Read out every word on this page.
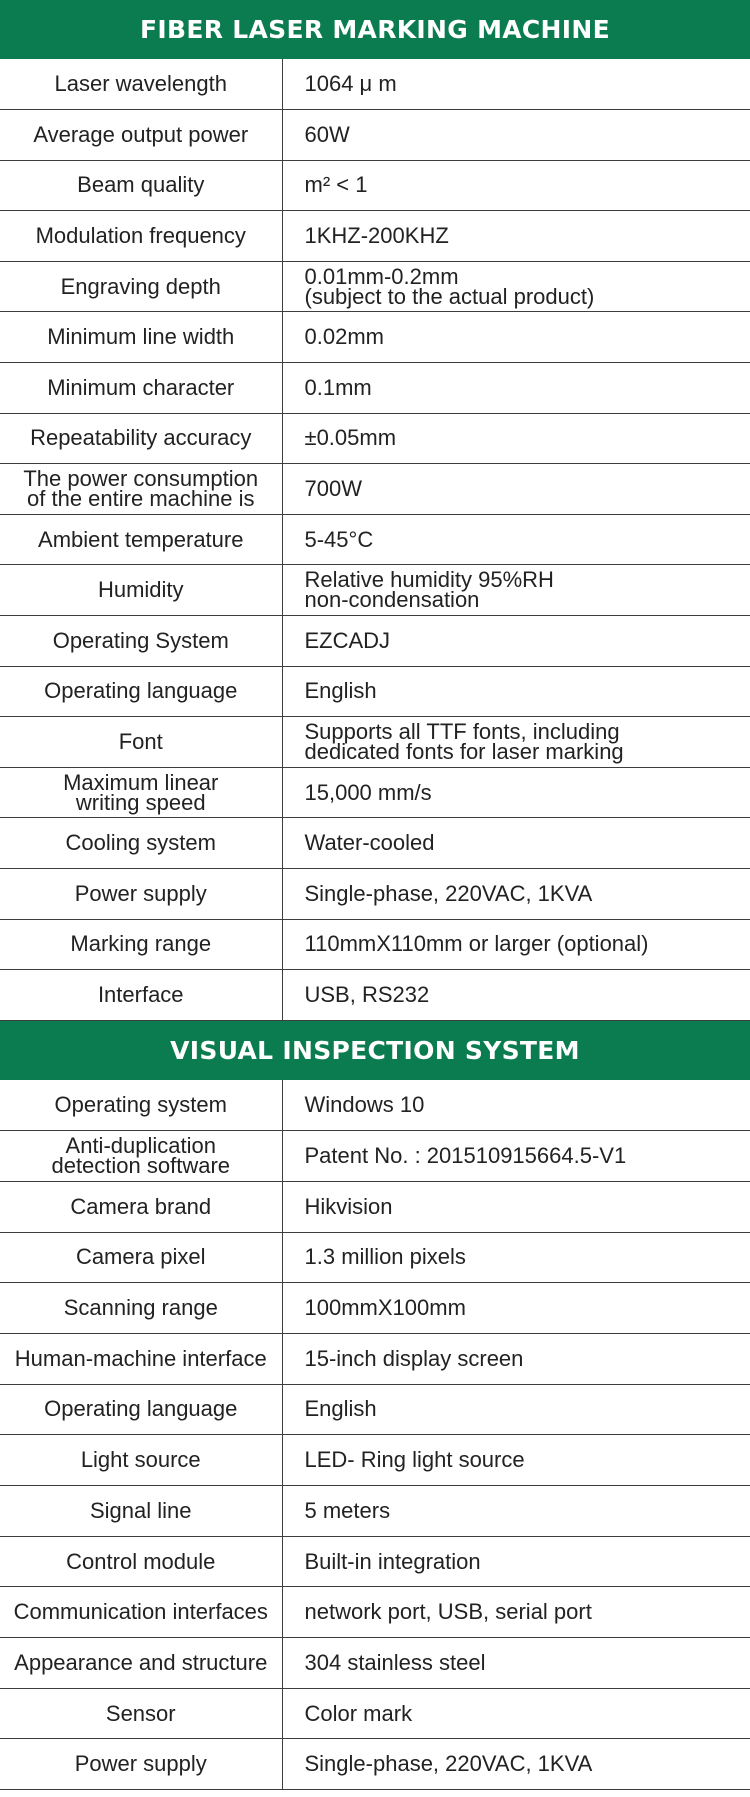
FIBER LASER MARKING MACHINE
Laser wavelength	1064 μ m

Average output power	60W

Beam quality	m² < 1

Modulation frequency	1KHZ-200KHZ

Engraving depth	0.01mm-0.2mm
(subject to the actual product)

Minimum line width	0.02mm

Minimum character	0.1mm

Repeatability accuracy	±0.05mm

The power consumption
of the entire machine is	700W

Ambient temperature	5-45°C

Humidity	Relative humidity 95%RH
non-condensation

Operating System	EZCADJ

Operating language	English

Font	Supports all TTF fonts, including
dedicated fonts for laser marking

Maximum linear
writing speed	15,000 mm/s

Cooling system	Water-cooled

Power supply	Single-phase, 220VAC, 1KVA

Marking range	110mmX110mm or larger (optional)

Interface	USB, RS232
VISUAL INSPECTION SYSTEM
Operating system	Windows 10

Anti-duplication
detection software	Patent No. : 201510915664.5-V1

Camera brand	Hikvision

Camera pixel	1.3 million pixels

Scanning range	100mmX100mm

Human-machine interface	15-inch display screen

Operating language	English

Light source	LED- Ring light source

Signal line	5 meters

Control module	Built-in integration

Communication interfaces	network port, USB, serial port

Appearance and structure	304 stainless steel

Sensor	Color mark

Power supply	Single-phase, 220VAC, 1KVA
